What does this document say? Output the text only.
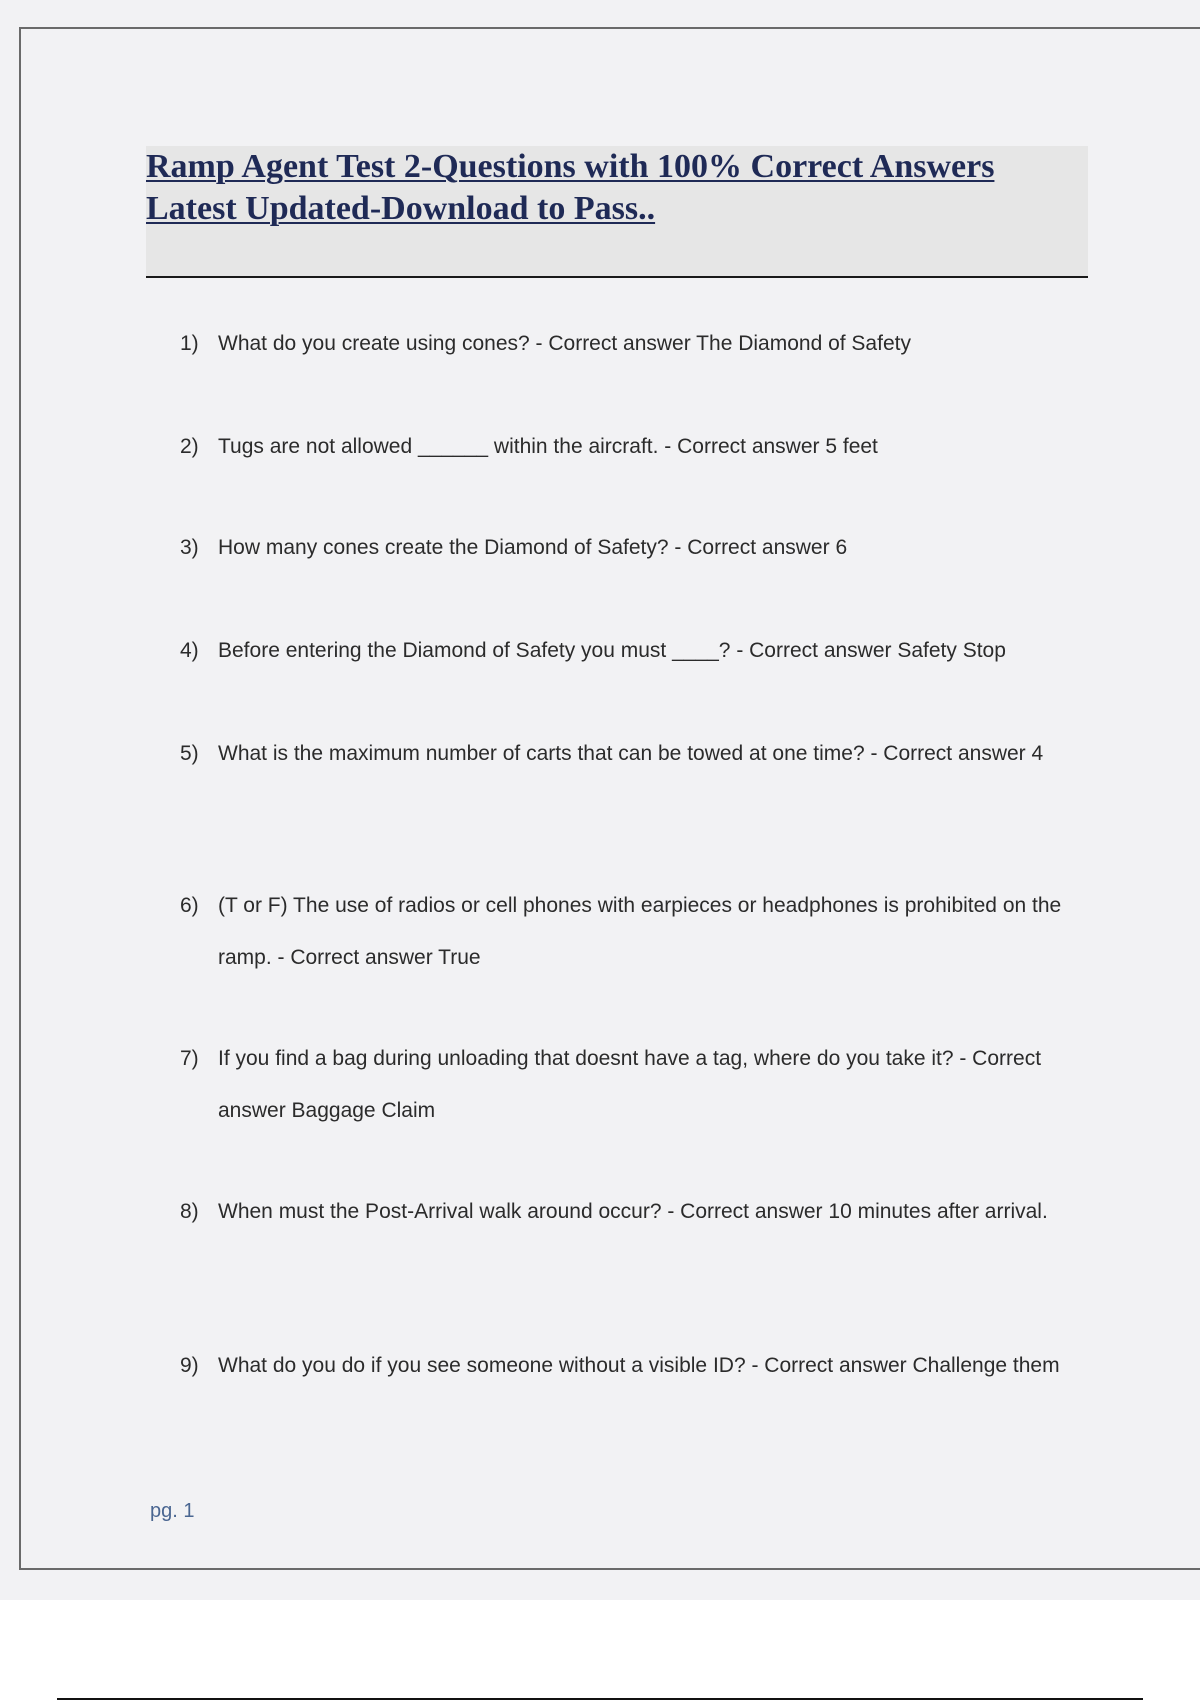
Ramp Agent Test 2-Questions with 100% Correct Answers Latest Updated-Download to Pass..
1) What do you create using cones? - Correct answer The Diamond of Safety
2) Tugs are not allowed ______ within the aircraft. - Correct answer 5 feet
3) How many cones create the Diamond of Safety? - Correct answer 6
4) Before entering the Diamond of Safety you must ____? - Correct answer Safety Stop
5) What is the maximum number of carts that can be towed at one time? - Correct answer 4
6) (T or F) The use of radios or cell phones with earpieces or headphones is prohibited on the ramp. - Correct answer True
7) If you find a bag during unloading that doesnt have a tag, where do you take it? - Correct answer Baggage Claim
8) When must the Post-Arrival walk around occur? - Correct answer 10 minutes after arrival.
9) What do you do if you see someone without a visible ID? - Correct answer Challenge them
pg. 1
